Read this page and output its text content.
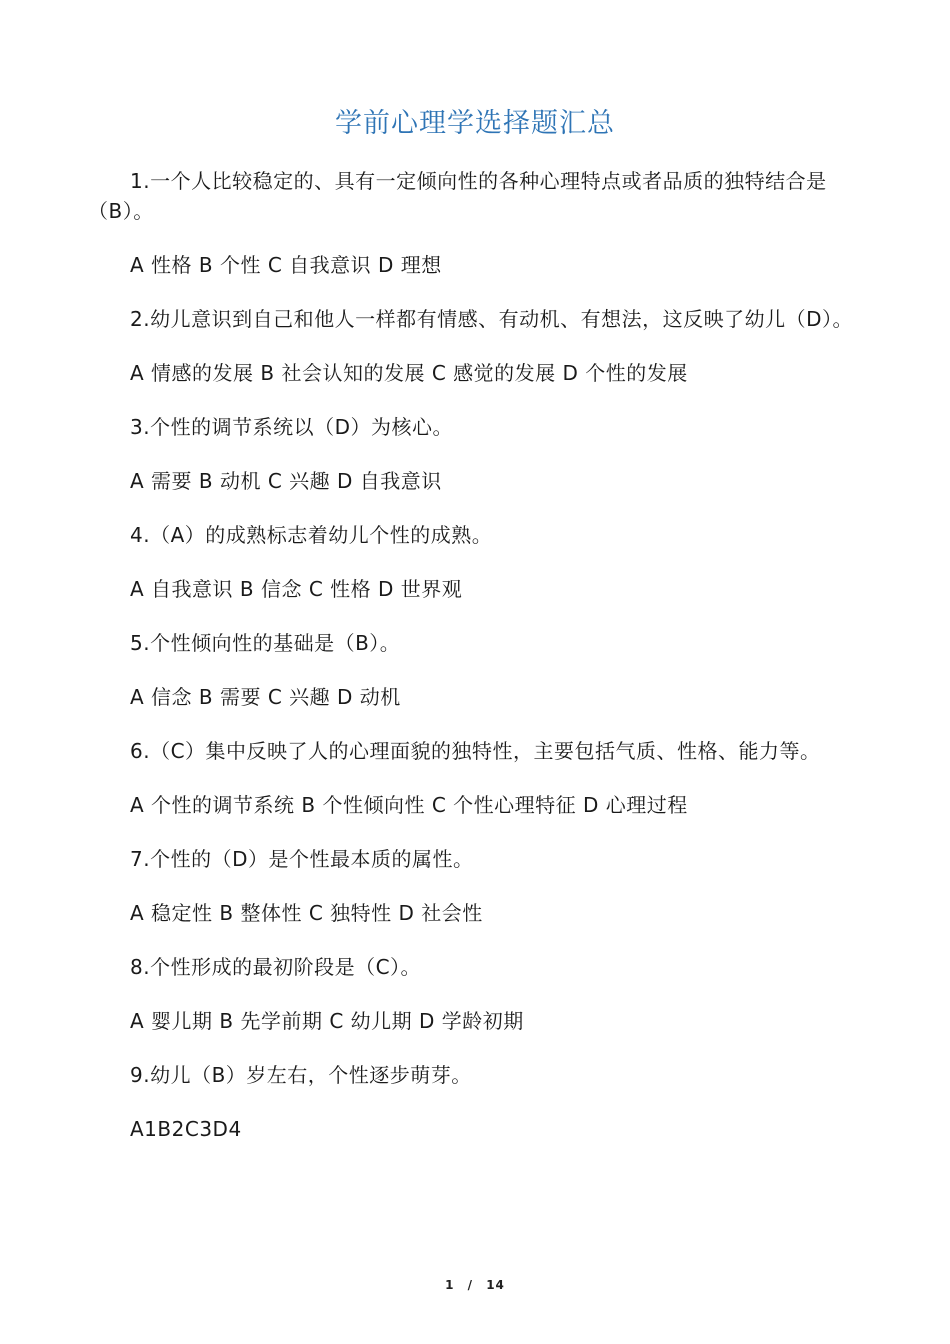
学前心理学选择题汇总

1.一个人比较稳定的、具有一定倾向性的各种心理特点或者品质的独特结合是（B）。

A 性格 B 个性 C 自我意识 D 理想

2.幼儿意识到自己和他人一样都有情感、有动机、有想法，这反映了幼儿（D）。

A 情感的发展 B 社会认知的发展 C 感觉的发展 D 个性的发展

3.个性的调节系统以（D）为核心。

A 需要 B 动机 C 兴趣 D 自我意识

4.（A）的成熟标志着幼儿个性的成熟。

A 自我意识 B 信念 C 性格 D 世界观

5.个性倾向性的基础是（B）。

A 信念 B 需要 C 兴趣 D 动机

6.（C）集中反映了人的心理面貌的独特性，主要包括气质、性格、能力等。

A 个性的调节系统 B 个性倾向性 C 个性心理特征 D 心理过程

7.个性的（D）是个性最本质的属性。

A 稳定性 B 整体性 C 独特性 D 社会性

8.个性形成的最初阶段是（C）。

A 婴儿期 B 先学前期 C 幼儿期 D 学龄初期

9.幼儿（B）岁左右，个性逐步萌芽。

A1B2C3D4

1 / 14
